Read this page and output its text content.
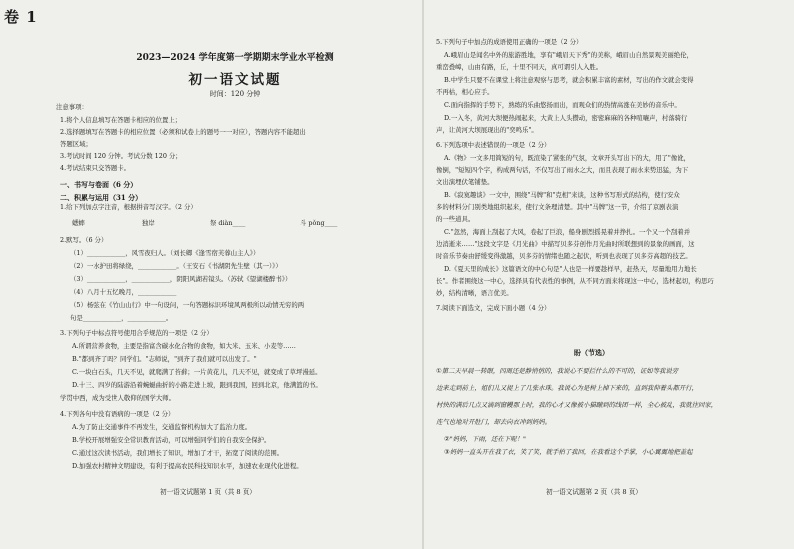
卷 1
2023—2024 学年度第一学期期末学业水平检测
初一语文试题
时间：120 分钟
注意事项：
1.将个人信息填写在答题卡相应的位置上；
2.选择题填写在答题卡的相应位置（必须和试卷上的题号一一对应），答题内容不能超出
答题区域；
3.考试时间 120 分钟。考试分数 120 分；
4.考试结束只交答题卡。
一、书写与卷面（6 分）
二、积累与运用（31 分）
1.给下列加点字注音，根据拼音写汉字。（2 分）
蟋蟀	独岸	祭 diàn____	斗 pǒng____
2.默写。（6 分）
（1）____________，风雪夜归人。（刘长卿《逢雪宿芙蓉山主人》）
（2）一水护田将绿绕，____________。（王安石《书湖阴先生壁（其一）》）
（3）____________，____________，阴阳风湖若镜头。（苏轼《望湖楼醉书》）
（4）八月十五忆晚月，____________
（5）杨弦在《竹山山行》中一句设问，一句答题标识环境风两极所以动情无穷的两
句是____________，____________。
3.下列句子中标点符号使用合乎规范的一项是（2 分）
A.所谓营养食物，主要是指富含碳水化合物的食物，如大米、玉米、小麦等……
B."都到齐了吗？同学们。"志师说，"到齐了我们就可以出发了。"
C.一块白石头，几天不见，就爬满了苔藓；一片黄花儿，几天不见，就变成了草坪漫延。
D.十三、四岁的陆游沿着蜿蜒曲折的小路走进上坡，跟到我国，回到北京，他满篮的书。
学贯中西，成为受世人敬仰的国学大师。
4.下列各句中没有语病的一项是（2 分）
A.为了防止交通事件不再发生，交通监督机构加大了监治力度。
B.学校开展增强安全常识教育活动，可以增强同学们的自我安全保护。
C.通过这次读书活动，我们增长了知识，增加了才干，拓宽了阅读的范围。
D.加强农村精神文明建设，有利于提高农民科技知识水平，加速农业现代化进程。
初一语文试题第 1 页（共 8 页）
5.下列句子中加点的成语使用正确的一项是（2 分）
A.峨眉山是闻名中外的旅游胜地，享有"峨眉天下秀"的美称，峨眉山自然景观美丽绝伦，
重峦叠嶂，山由有路，丘，十里不同天，真可谓引人入胜。
B.中学生只要不在课堂上将注意观察与思考，就会积累丰富的素材，写出的作文就会变得
不再枯，相心应手。
C.面向指挥的手势下，熟练的乐曲悠扬而出，而观众们的热情高涨在美妙的音乐中。
D.一入冬，黄河大坝便热闹起来，大黄上人头攒动，密密麻麻的各种喧嚷声，村落骑行
声，让黄河大坝展现出的"奕鸣乐"。
6.下列选项中表述错误的一项是（2 分）
A.《物》一文多用简短的句，既渲染了紧张的气氛，文章开头写出下的大，用了"像讹，
像倒，"短短四个字，构成两句话，不仅写出了雨水之大，而且表现了雨水来势迅猛，为下
文出演埋伏笔铺垫。
B.《寂寞趣谈》一文中，围绕"马牌"和"克相"来谈，这种书写形式的结构，使行安众
多的材料分门别类地组织起来，使行文条理清楚。其中"马牌"这一节，介绍了京剧表演
的一些道具。
C."忽然，海面上刮起了大风，卷起了巨浪，船身剧烈摇晃着并挣扎。一个又一个刮着并
边消逝来……"这段文字是《月光曲》中描写贝多芬创作月光曲时所联想到的景象的画面，这
时音乐节奏由舒缓变得激越，贝多芬的情绪也随之起伏，听到也表现了贝多芬高超的技艺。
D.《夏天里的成长》这篇语文的中心句是"人也是一样要趁样早，赶热天，尽量地用力地长
长"。作者围绕这一中心，选择具有代表性的事例，从不同方面来将现这一中心，选材起切，构思巧
妙，结构清晰，语言优美。
7.阅读下面选文，完成下面小题（4 分）
盼（节选）
①第二天早晨一转眼，四周还是静悄悄的，我说心不要拦什么的不可的，证如等我说旁
边来走到前上，姐们儿又捉上了几张水珠。我说心为是树上掉下来的，直到我仰着头都开行，
村快的满后几点又滴到窗幔那上时，我的心才又像被小猫蹦到的线团一样，全心被乱，我就往回家，
连气也地对开肚门，却去向衣冲到妈妈。
②"妈妈，下雨，还在下呢！"
③妈妈一直头开在我了衣，笑了笑，就手拍了我回，在我看这个手掌，小心翼翼地把盖起
初一语文试题第 2 页（共 8 页）
